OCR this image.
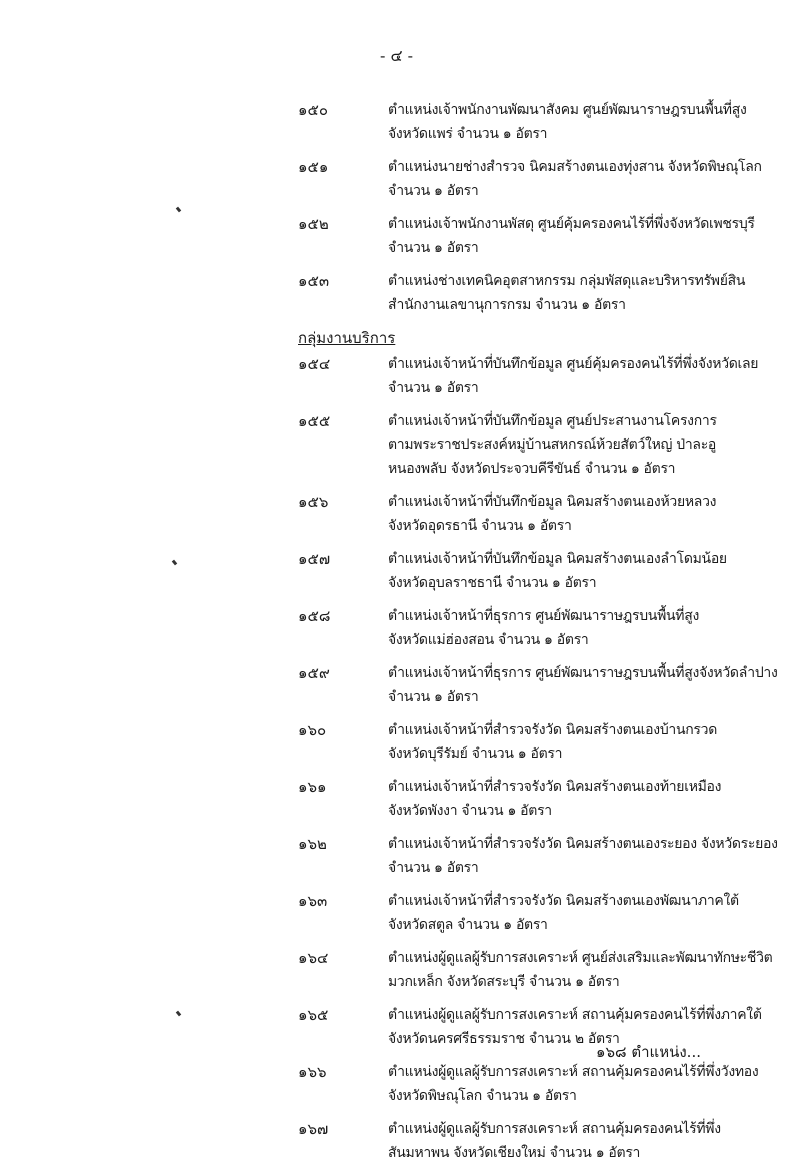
- ๔ -
๑๕๐	ตำแหน่งเจ้าพนักงานพัฒนาสังคม ศูนย์พัฒนาราษฎรบนพื้นที่สูง
จังหวัดแพร่ จำนวน ๑ อัตรา
๑๕๑	ตำแหน่งนายช่างสำรวจ นิคมสร้างตนเองทุ่งสาน จังหวัดพิษณุโลก
จำนวน ๑ อัตรา
๑๕๒	ตำแหน่งเจ้าพนักงานพัสดุ ศูนย์คุ้มครองคนไร้ที่พึ่งจังหวัดเพชรบุรี
จำนวน ๑ อัตรา
๑๕๓	ตำแหน่งช่างเทคนิคอุตสาหกรรม กลุ่มพัสดุและบริหารทรัพย์สิน
สำนักงานเลขานุการกรม จำนวน ๑ อัตรา
กลุ่มงานบริการ
๑๕๔	ตำแหน่งเจ้าหน้าที่บันทึกข้อมูล ศูนย์คุ้มครองคนไร้ที่พึ่งจังหวัดเลย
จำนวน ๑ อัตรา
๑๕๕	ตำแหน่งเจ้าหน้าที่บันทึกข้อมูล ศูนย์ประสานงานโครงการ
ตามพระราชประสงค์หมู่บ้านสหกรณ์ห้วยสัตว์ใหญ่ ป่าละอู
หนองพลับ จังหวัดประจวบคีรีขันธ์ จำนวน ๑ อัตรา
๑๕๖	ตำแหน่งเจ้าหน้าที่บันทึกข้อมูล นิคมสร้างตนเองห้วยหลวง
จังหวัดอุดรธานี จำนวน ๑ อัตรา
๑๕๗	ตำแหน่งเจ้าหน้าที่บันทึกข้อมูล นิคมสร้างตนเองลำโดมน้อย
จังหวัดอุบลราชธานี จำนวน ๑ อัตรา
๑๕๘	ตำแหน่งเจ้าหน้าที่ธุรการ ศูนย์พัฒนาราษฎรบนพื้นที่สูง
จังหวัดแม่ฮ่องสอน จำนวน ๑ อัตรา
๑๕๙	ตำแหน่งเจ้าหน้าที่ธุรการ ศูนย์พัฒนาราษฎรบนพื้นที่สูงจังหวัดลำปาง
จำนวน ๑ อัตรา
๑๖๐	ตำแหน่งเจ้าหน้าที่สำรวจรังวัด นิคมสร้างตนเองบ้านกรวด
จังหวัดบุรีรัมย์ จำนวน ๑ อัตรา
๑๖๑	ตำแหน่งเจ้าหน้าที่สำรวจรังวัด นิคมสร้างตนเองท้ายเหมือง
จังหวัดพังงา จำนวน ๑ อัตรา
๑๖๒	ตำแหน่งเจ้าหน้าที่สำรวจรังวัด นิคมสร้างตนเองระยอง จังหวัดระยอง
จำนวน ๑ อัตรา
๑๖๓	ตำแหน่งเจ้าหน้าที่สำรวจรังวัด นิคมสร้างตนเองพัฒนาภาคใต้
จังหวัดสตูล จำนวน ๑ อัตรา
๑๖๔	ตำแหน่งผู้ดูแลผู้รับการสงเคราะห์ ศูนย์ส่งเสริมและพัฒนาทักษะชีวิต
มวกเหล็ก จังหวัดสระบุรี จำนวน ๑ อัตรา
๑๖๕	ตำแหน่งผู้ดูแลผู้รับการสงเคราะห์ สถานคุ้มครองคนไร้ที่พึ่งภาคใต้
จังหวัดนครศรีธรรมราช จำนวน ๒ อัตรา
๑๖๖	ตำแหน่งผู้ดูแลผู้รับการสงเคราะห์ สถานคุ้มครองคนไร้ที่พึ่งวังทอง
จังหวัดพิษณุโลก จำนวน ๑ อัตรา
๑๖๗	ตำแหน่งผู้ดูแลผู้รับการสงเคราะห์ สถานคุ้มครองคนไร้ที่พึ่ง
สันมหาพน จังหวัดเชียงใหม่ จำนวน ๑ อัตรา
๑๖๘ ตำแหน่ง...
